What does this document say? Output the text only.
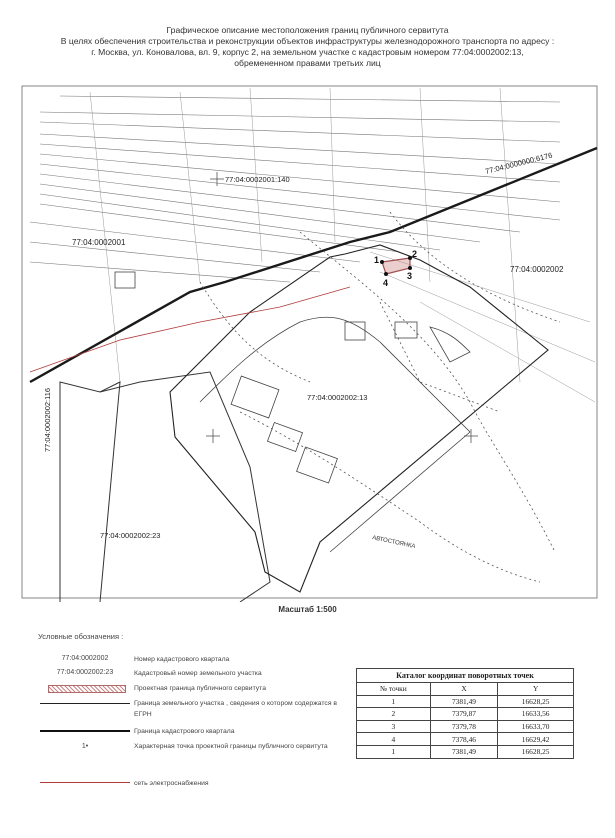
Графическое описание местоположения границ публичного сервитута
В целях обеспечения строительства и реконструкции объектов инфраструктуры железнодорожного транспорта по адресу :
г. Москва, ул. Коновалова, вл. 9, корпус 2, на земельном участке с кадастровым номером 77:04:0002002:13,
обремененном правами третьих лиц
1
2
3
4
77:04:0002001:140
77:04:0000000:6176
77:04:0002001
77:04:0002002
77:04:0002002:13
77:04:0002002:116
77:04:0002002:23	АВТОСТОЯНКА
Масштаб 1:500
Условные обозначения :
77:04:0002002	Номер кадастрового квартала
77:04:0002002:23	Кадастровый номер земельного участка
Проектная граница публичного сервитута
Граница земельного участка , сведения о котором содержатся в ЕГРН
Граница кадастрового квартала
1•	Характерная точка проектной границы публичного сервитута
сеть электроснабжения
Каталог координат поворотных точек		
№ точки	X	Y
1	7381,49	16628,25
2	7379,87	16633,56
3	7379,78	16633,70
4	7378,46	16629,42
1	7381,49	16628,25
